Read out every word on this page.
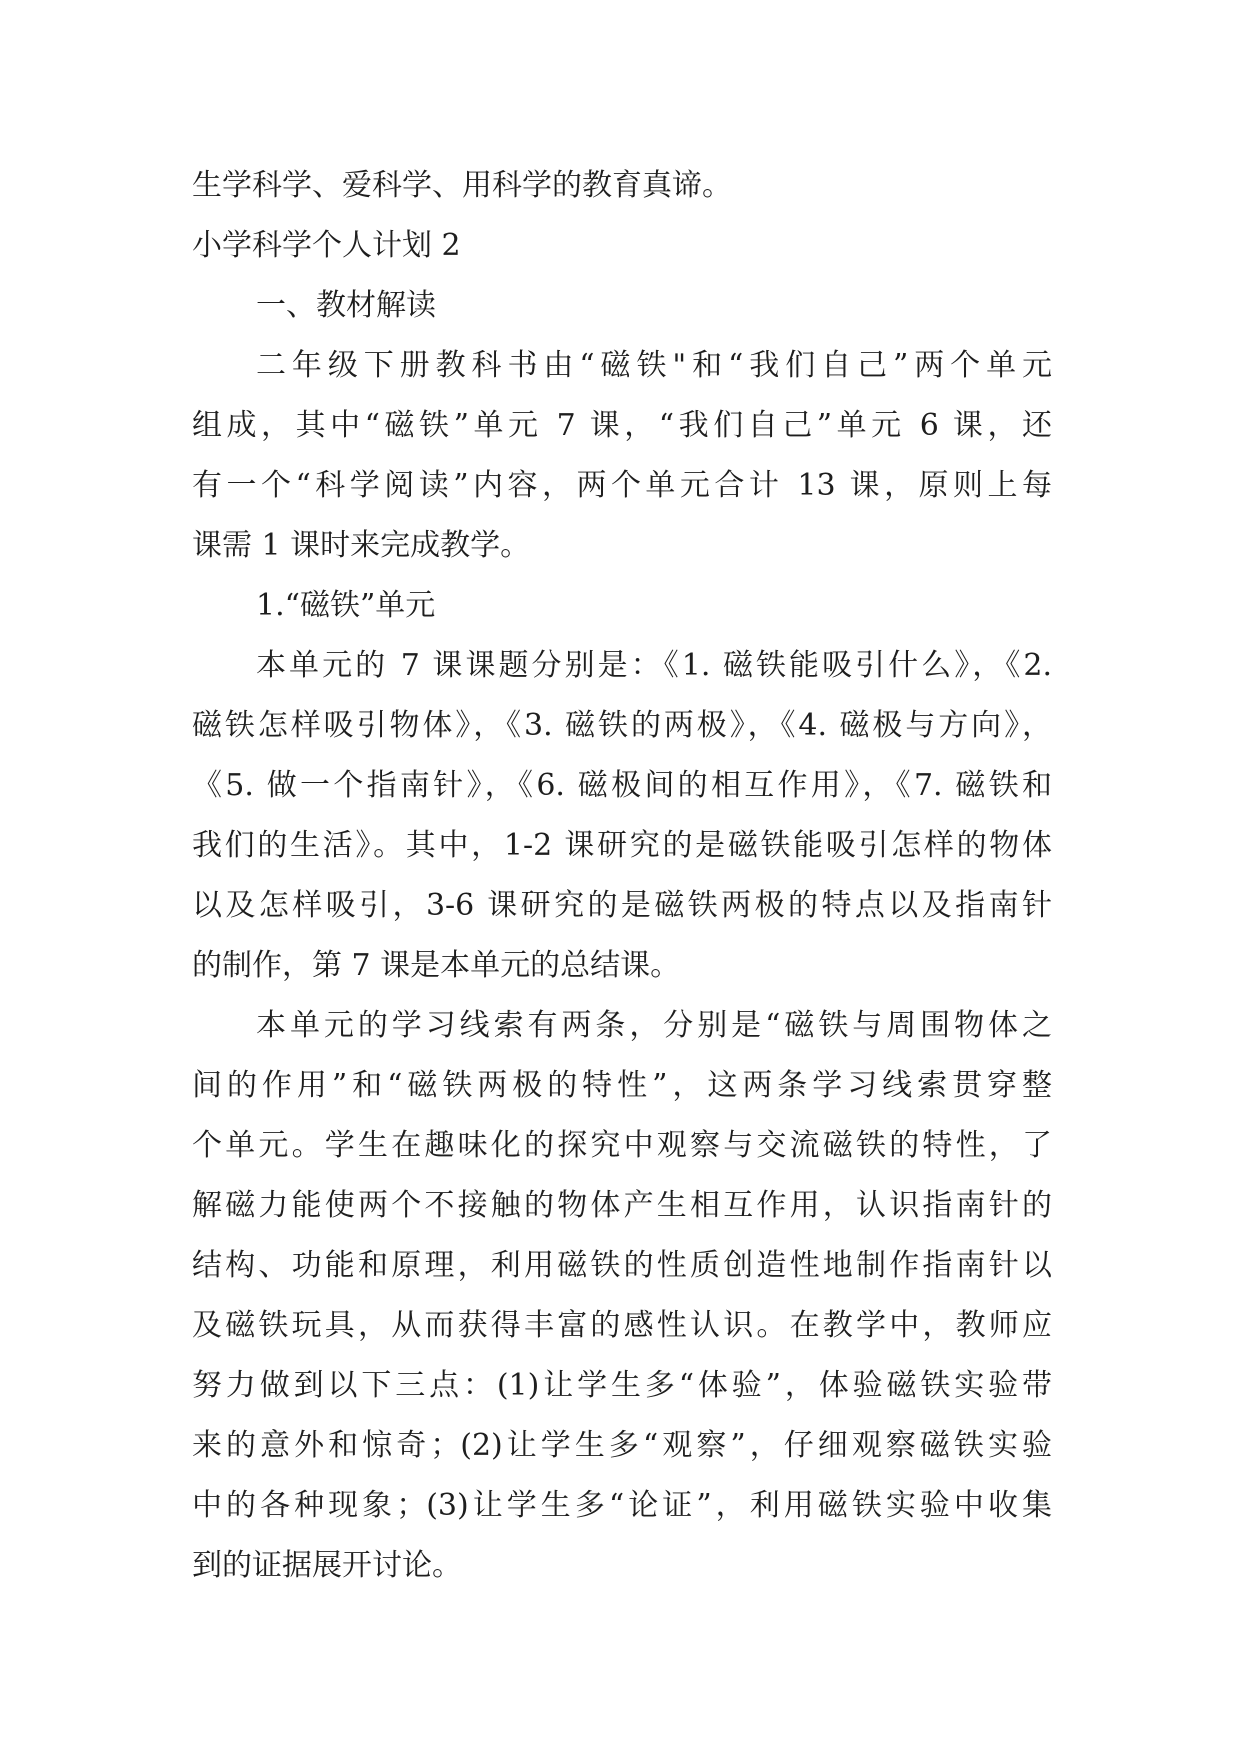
生学科学、爱科学、用科学的教育真谛。
小学科学个人计划 2
一、教材解读
二年级下册教科书由“磁铁"和“我们自己”两个单元
组成，其中“磁铁”单元 7 课，“我们自己”单元 6 课，还
有一个“科学阅读”内容，两个单元合计 13 课，原则上每
课需 1 课时来完成教学。
1.“磁铁”单元
本单元的 7 课课题分别是：《1. 磁铁能吸引什么》，《2.
磁铁怎样吸引物体》，《3. 磁铁的两极》，《4. 磁极与方向》，
《5. 做一个指南针》，《6. 磁极间的相互作用》，《7. 磁铁和
我们的生活》。其中，1-2 课研究的是磁铁能吸引怎样的物体
以及怎样吸引，3-6 课研究的是磁铁两极的特点以及指南针
的制作，第 7 课是本单元的总结课。
本单元的学习线索有两条，分别是“磁铁与周围物体之
间的作用”和“磁铁两极的特性”，这两条学习线索贯穿整
个单元。学生在趣味化的探究中观察与交流磁铁的特性，了
解磁力能使两个不接触的物体产生相互作用，认识指南针的
结构、功能和原理，利用磁铁的性质创造性地制作指南针以
及磁铁玩具，从而获得丰富的感性认识。在教学中，教师应
努力做到以下三点：(1)让学生多“体验”，体验磁铁实验带
来的意外和惊奇；(2)让学生多“观察”，仔细观察磁铁实验
中的各种现象；(3)让学生多“论证”，利用磁铁实验中收集
到的证据展开讨论。
